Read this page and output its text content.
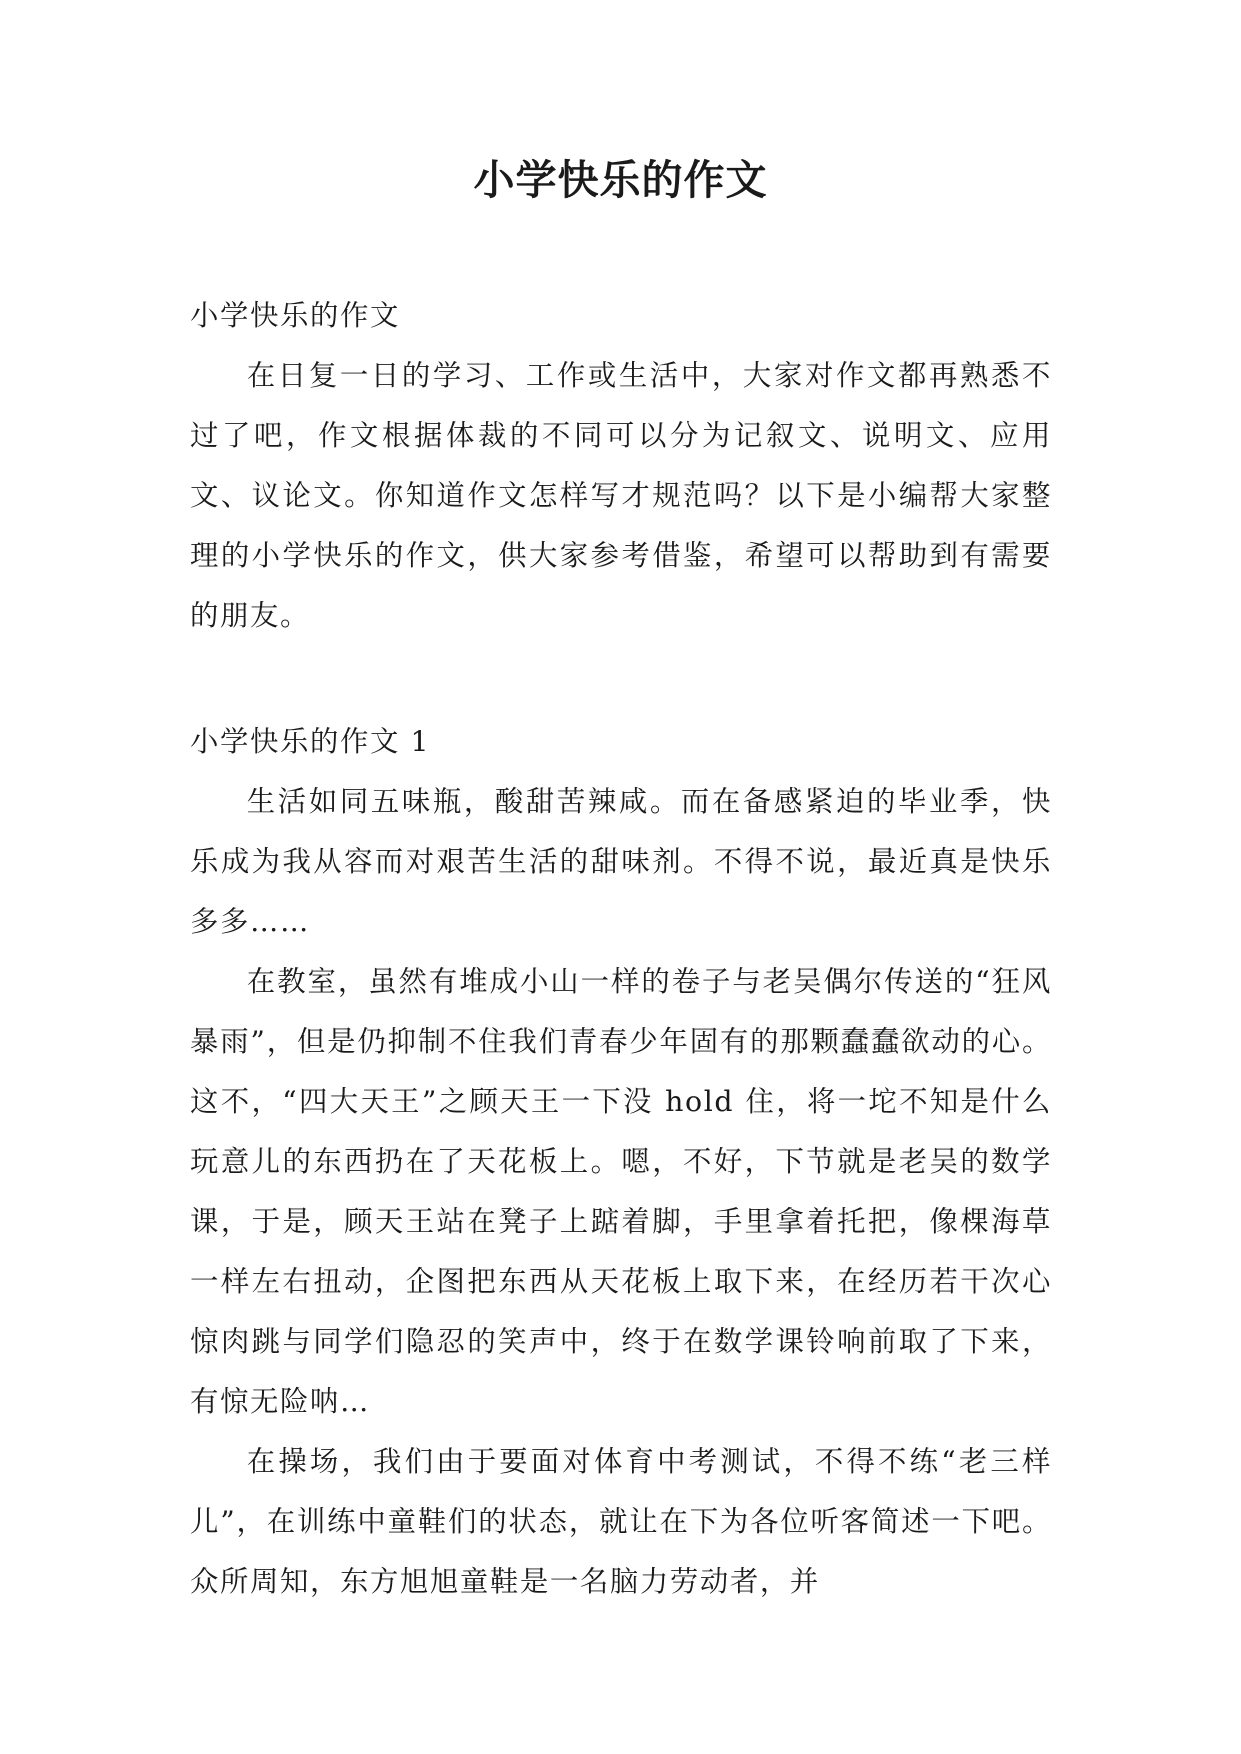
小学快乐的作文
小学快乐的作文

在日复一日的学习、工作或生活中，大家对作文都再熟悉不过了吧，作文根据体裁的不同可以分为记叙文、说明文、应用文、议论文。你知道作文怎样写才规范吗？以下是小编帮大家整理的小学快乐的作文，供大家参考借鉴，希望可以帮助到有需要的朋友。

小学快乐的作文 1

生活如同五味瓶，酸甜苦辣咸。而在备感紧迫的毕业季，快乐成为我从容而对艰苦生活的甜味剂。不得不说，最近真是快乐多多……

在教室，虽然有堆成小山一样的卷子与老吴偶尔传送的“狂风暴雨”，但是仍抑制不住我们青春少年固有的那颗蠢蠢欲动的心。这不，“四大天王”之顾天王一下没 hold 住，将一坨不知是什么玩意儿的东西扔在了天花板上。嗯，不好，下节就是老吴的数学课，于是，顾天王站在凳子上踮着脚，手里拿着托把，像棵海草一样左右扭动，企图把东西从天花板上取下来，在经历若干次心惊肉跳与同学们隐忍的笑声中，终于在数学课铃响前取了下来，有惊无险呐…

在操场，我们由于要面对体育中考测试，不得不练“老三样儿”，在训练中童鞋们的状态，就让在下为各位听客简述一下吧。众所周知，东方旭旭童鞋是一名脑力劳动者，并
